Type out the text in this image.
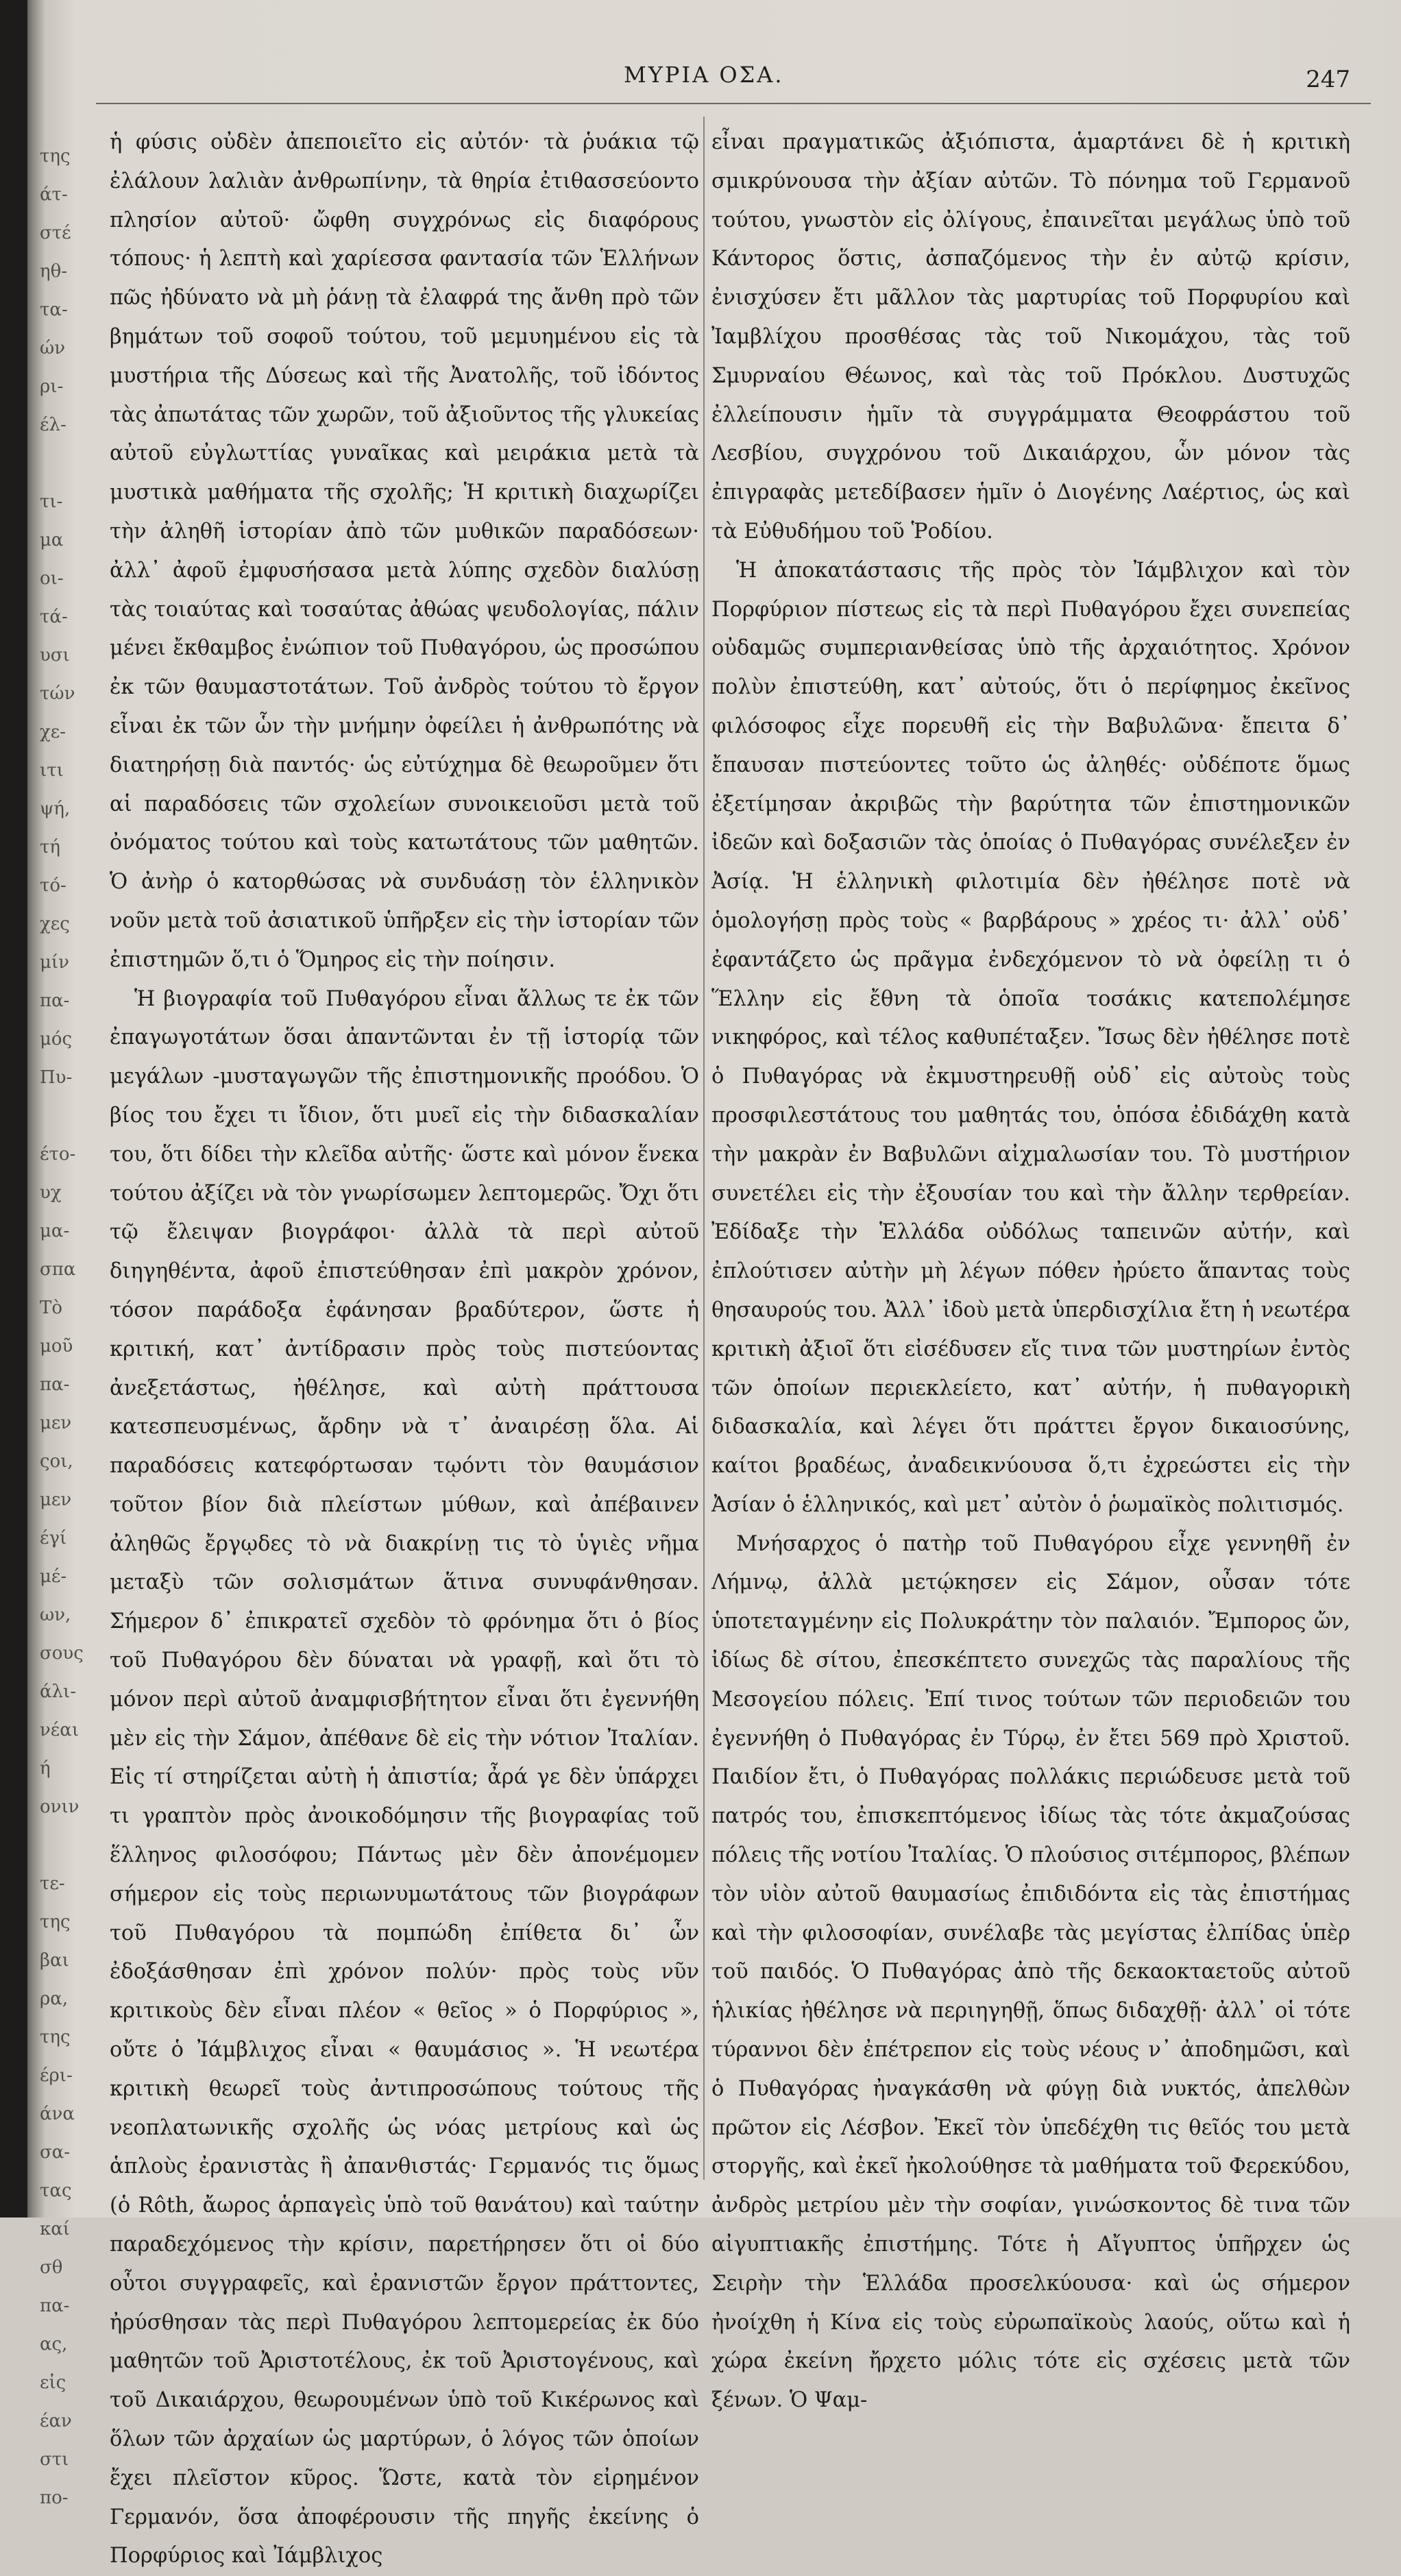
της
άτ-
στέ
ηθ-
τα-
ών
ρι-
έλ-

τι-
μα
οι-
τά-
υσι
τών
χε-
ιτι
ψή,
τή
τό-
χες
μίν
πα-
μός
Πυ-

έτο-
υχ
μα-
σπα
Τὸ
μοῦ
πα-
μεν
ςοι,
μεν
έγί
μέ-
ων,
σους
άλι-
νέαι
ή
ονιν

τε-
της
βαι
ρα,
της
έρι-
άνα
σα-
τας
καί
σθ
πα-
ας,
εἰς
έαν
στι
πο-
ΜΥΡΙΑ ΟΣΑ.	247

ἡ φύσις οὐδὲν ἀπεποιεῖτο εἰς αὐτόν· τὰ ῥυάκια τῷ ἐλάλουν λαλιὰν ἀνθρωπίνην, τὰ θηρία ἐτιθασσεύοντο πλησίον αὐτοῦ· ὤφθη συγχρόνως εἰς διαφόρους τόπους· ἡ λεπτὴ καὶ χαρίεσσα φαντασία τῶν Ἑλλήνων πῶς ἠδύνατο νὰ μὴ ῥάνῃ τὰ ἐλαφρά της ἄνθη πρὸ τῶν βημάτων τοῦ σοφοῦ τούτου, τοῦ μεμυημένου εἰς τὰ μυστήρια τῆς Δύσεως καὶ τῆς Ἀνατολῆς, τοῦ ἰδόντος τὰς ἀπωτάτας τῶν χωρῶν, τοῦ ἀξιοῦντος τῆς γλυκείας αὐτοῦ εὐγλωττίας γυναῖκας καὶ μειράκια μετὰ τὰ μυστικὰ μαθήματα τῆς σχολῆς; Ἡ κριτικὴ διαχωρίζει τὴν ἀληθῆ ἱστορίαν ἀπὸ τῶν μυθικῶν παραδόσεων· ἀλλ᾽ ἀφοῦ ἐμφυσήσασα μετὰ λύπης σχεδὸν διαλύσῃ τὰς τοιαύτας καὶ τοσαύτας ἀθώας ψευδολογίας, πάλιν μένει ἔκθαμβος ἐνώπιον τοῦ Πυθαγόρου, ὡς προσώπου ἐκ τῶν θαυμαστοτάτων. Τοῦ ἀνδρὸς τούτου τὸ ἔργον εἶναι ἐκ τῶν ὧν τὴν μνήμην ὀφείλει ἡ ἀνθρωπότης νὰ διατηρήσῃ διὰ παντός· ὡς εὐτύχημα δὲ θεωροῦμεν ὅτι αἱ παραδόσεις τῶν σχολείων συνοικειοῦσι μετὰ τοῦ ὀνόματος τούτου καὶ τοὺς κατωτάτους τῶν μαθητῶν. Ὁ ἀνὴρ ὁ κατορθώσας νὰ συνδυάσῃ τὸν ἑλληνικὸν νοῦν μετὰ τοῦ ἀσιατικοῦ ὑπῆρξεν εἰς τὴν ἱστορίαν τῶν ἐπιστημῶν ὅ,τι ὁ Ὅμηρος εἰς τὴν ποίησιν.

Ἡ βιογραφία τοῦ Πυθαγόρου εἶναι ἄλλως τε ἐκ τῶν ἐπαγωγοτάτων ὅσαι ἀπαντῶνται ἐν τῇ ἱστορίᾳ τῶν μεγάλων -μυσταγωγῶν τῆς ἐπιστημονικῆς προόδου. Ὁ βίος του ἔχει τι ἴδιον, ὅτι μυεῖ εἰς τὴν διδασκαλίαν του, ὅτι δίδει τὴν κλεῖδα αὐτῆς· ὥστε καὶ μόνον ἕνεκα τούτου ἀξίζει νὰ τὸν γνωρίσωμεν λεπτομερῶς. Ὄχι ὅτι τῷ ἔλειψαν βιογράφοι· ἀλλὰ τὰ περὶ αὐτοῦ διηγηθέντα, ἀφοῦ ἐπιστεύθησαν ἐπὶ μακρὸν χρόνον, τόσον παράδοξα ἐφάνησαν βραδύτερον, ὥστε ἡ κριτική, κατ᾽ ἀντίδρασιν πρὸς τοὺς πιστεύοντας ἀνεξετάστως, ἠθέλησε, καὶ αὐτὴ πράττουσα κατεσπευσμένως, ἄρδην νὰ τ᾽ ἀναιρέσῃ ὅλα. Αἱ παραδόσεις κατεφόρτωσαν τῳόντι τὸν θαυμάσιον τοῦτον βίον διὰ πλείστων μύθων, καὶ ἀπέβαινεν ἀληθῶς ἔργῳδες τὸ νὰ διακρίνῃ τις τὸ ὑγιὲς νῆμα μεταξὺ τῶν σολισμάτων ἅτινα συνυφάνθησαν. Σήμερον δ᾽ ἐπικρατεῖ σχεδὸν τὸ φρόνημα ὅτι ὁ βίος τοῦ Πυθαγόρου δὲν δύναται νὰ γραφῇ, καὶ ὅτι τὸ μόνον περὶ αὐτοῦ ἀναμφισβήτητον εἶναι ὅτι ἐγεννήθη μὲν εἰς τὴν Σάμον, ἀπέθανε δὲ εἰς τὴν νότιον Ἰταλίαν. Εἰς τί στηρίζεται αὐτὴ ἡ ἀπιστία; ἆρά γε δὲν ὑπάρχει τι γραπτὸν πρὸς ἀνοικοδόμησιν τῆς βιογραφίας τοῦ ἕλληνος φιλοσόφου; Πάντως μὲν δὲν ἀπονέμομεν σήμερον εἰς τοὺς περιωνυμωτάτους τῶν βιογράφων τοῦ Πυθαγόρου τὰ πομπώδη ἐπίθετα δι᾽ ὧν ἐδοξάσθησαν ἐπὶ χρόνον πολύν· πρὸς τοὺς νῦν κριτικοὺς δὲν εἶναι πλέον « θεῖος » ὁ Πορφύριος », οὔτε ὁ Ἰάμβλιχος εἶναι « θαυμάσιος ». Ἡ νεωτέρα κριτικὴ θεωρεῖ τοὺς ἀντιπροσώπους τούτους τῆς νεοπλατωνικῆς σχολῆς ὡς νόας μετρίους καὶ ὡς ἁπλοὺς ἐρανιστὰς ἢ ἀπανθιστάς· Γερμανός τις ὅμως (ὁ Rôth, ἄωρος ἁρπαγεὶς ὑπὸ τοῦ θανάτου) καὶ ταύτην παραδεχόμενος τὴν κρίσιν, παρετήρησεν ὅτι οἱ δύο οὗτοι συγγραφεῖς, καὶ ἐρανιστῶν ἔργον πράττοντες, ἠρύσθησαν τὰς περὶ Πυθαγόρου λεπτομερείας ἐκ δύο μαθητῶν τοῦ Ἀριστοτέλους, ἐκ τοῦ Ἀριστογένους, καὶ τοῦ Δικαιάρχου, θεωρουμένων ὑπὸ τοῦ Κικέρωνος καὶ ὅλων τῶν ἀρχαίων ὡς μαρτύρων, ὁ λόγος τῶν ὁποίων ἔχει πλεῖστον κῦρος. Ὥστε, κατὰ τὸν εἰρημένον Γερμανόν, ὅσα ἀποφέρουσιν τῆς πηγῆς ἐκείνης ὁ Πορφύριος καὶ Ἰάμβλιχος

εἶναι πραγματικῶς ἀξιόπιστα, ἁμαρτάνει δὲ ἡ κριτικὴ σμικρύνουσα τὴν ἀξίαν αὐτῶν. Τὸ πόνημα τοῦ Γερμανοῦ τούτου, γνωστὸν εἰς ὀλίγους, ἐπαινεῖται μεγάλως ὑπὸ τοῦ Κάντορος ὅστις, ἀσπαζόμενος τὴν ἐν αὐτῷ κρίσιν, ἐνισχύσεν ἔτι μᾶλλον τὰς μαρτυρίας τοῦ Πορφυρίου καὶ Ἰαμβλίχου προσθέσας τὰς τοῦ Νικομάχου, τὰς τοῦ Σμυρναίου Θέωνος, καὶ τὰς τοῦ Πρόκλου. Δυστυχῶς ἐλλείπουσιν ἡμῖν τὰ συγγράμματα Θεοφράστου τοῦ Λεσβίου, συγχρόνου τοῦ Δικαιάρχου, ὧν μόνον τὰς ἐπιγραφὰς μετεδίβασεν ἡμῖν ὁ Διογένης Λαέρτιος, ὡς καὶ τὰ Εὐθυδήμου τοῦ Ῥοδίου.

Ἡ ἀποκατάστασις τῆς πρὸς τὸν Ἰάμβλιχον καὶ τὸν Πορφύριον πίστεως εἰς τὰ περὶ Πυθαγόρου ἔχει συνεπείας οὐδαμῶς συμπεριανθείσας ὑπὸ τῆς ἀρχαιότητος. Χρόνον πολὺν ἐπιστεύθη, κατ᾽ αὐτούς, ὅτι ὁ περίφημος ἐκεῖνος φιλόσοφος εἶχε πορευθῆ εἰς τὴν Βαβυλῶνα· ἔπειτα δ᾽ ἔπαυσαν πιστεύοντες τοῦτο ὡς ἀληθές· οὐδέποτε ὅμως ἐξετίμησαν ἀκριβῶς τὴν βαρύτητα τῶν ἐπιστημονικῶν ἰδεῶν καὶ δοξασιῶν τὰς ὁποίας ὁ Πυθαγόρας συνέλεξεν ἐν Ἀσίᾳ. Ἡ ἑλληνικὴ φιλοτιμία δὲν ἠθέλησε ποτὲ νὰ ὁμολογήσῃ πρὸς τοὺς « βαρβάρους » χρέος τι· ἀλλ᾽ οὐδ᾽ ἐφαντάζετο ὡς πρᾶγμα ἐνδεχόμενον τὸ νὰ ὀφείλῃ τι ὁ Ἕλλην εἰς ἔθνη τὰ ὁποῖα τοσάκις κατεπολέμησε νικηφόρος, καὶ τέλος καθυπέταξεν. Ἴσως δὲν ἠθέλησε ποτὲ ὁ Πυθαγόρας νὰ ἐκμυστηρευθῇ οὐδ᾽ εἰς αὐτοὺς τοὺς προσφιλεστάτους του μαθητάς του, ὁπόσα ἐδιδάχθη κατὰ τὴν μακρὰν ἐν Βαβυλῶνι αἰχμαλωσίαν του. Τὸ μυστήριον συνετέλει εἰς τὴν ἐξουσίαν του καὶ τὴν ἄλλην τερθρείαν. Ἐδίδαξε τὴν Ἑλλάδα οὐδόλως ταπεινῶν αὐτήν, καὶ ἐπλούτισεν αὐτὴν μὴ λέγων πόθεν ἠρύετο ἅπαντας τοὺς θησαυρούς του. Ἀλλ᾽ ἰδοὺ μετὰ ὑπερδισχίλια ἔτη ἡ νεωτέρα κριτικὴ ἀξιοῖ ὅτι εἰσέδυσεν εἴς τινα τῶν μυστηρίων ἐντὸς τῶν ὁποίων περιεκλείετο, κατ᾽ αὐτήν, ἡ πυθαγορικὴ διδασκαλία, καὶ λέγει ὅτι πράττει ἔργον δικαιοσύνης, καίτοι βραδέως, ἀναδεικνύουσα ὅ,τι ἐχρεώστει εἰς τὴν Ἀσίαν ὁ ἑλληνικός, καὶ μετ᾽ αὐτὸν ὁ ῥωμαϊκὸς πολιτισμός.

Μνήσαρχος ὁ πατὴρ τοῦ Πυθαγόρου εἶχε γεννηθῆ ἐν Λήμνῳ, ἀλλὰ μετῴκησεν εἰς Σάμον, οὖσαν τότε ὑποτεταγμένην εἰς Πολυκράτην τὸν παλαιόν. Ἔμπορος ὤν, ἰδίως δὲ σίτου, ἐπεσκέπτετο συνεχῶς τὰς παραλίους τῆς Μεσογείου πόλεις. Ἐπί τινος τούτων τῶν περιοδειῶν του ἐγεννήθη ὁ Πυθαγόρας ἐν Τύρῳ, ἐν ἔτει 569 πρὸ Χριστοῦ. Παιδίον ἔτι, ὁ Πυθαγόρας πολλάκις περιώδευσε μετὰ τοῦ πατρός του, ἐπισκεπτόμενος ἰδίως τὰς τότε ἀκμαζούσας πόλεις τῆς νοτίου Ἰταλίας. Ὁ πλούσιος σιτέμπορος, βλέπων τὸν υἱὸν αὐτοῦ θαυμασίως ἐπιδιδόντα εἰς τὰς ἐπιστήμας καὶ τὴν φιλοσοφίαν, συνέλαβε τὰς μεγίστας ἐλπίδας ὑπὲρ τοῦ παιδός. Ὁ Πυθαγόρας ἀπὸ τῆς δεκαοκταετοῦς αὐτοῦ ἡλικίας ἠθέλησε νὰ περιηγηθῇ, ὅπως διδαχθῇ· ἀλλ᾽ οἱ τότε τύραννοι δὲν ἐπέτρεπον εἰς τοὺς νέους ν᾽ ἀποδημῶσι, καὶ ὁ Πυθαγόρας ἠναγκάσθη νὰ φύγῃ διὰ νυκτός, ἀπελθὼν πρῶτον εἰς Λέσβον. Ἐκεῖ τὸν ὑπεδέχθη τις θεῖός του μετὰ στοργῆς, καὶ ἐκεῖ ἠκολούθησε τὰ μαθήματα τοῦ Φερεκύδου, ἀνδρὸς μετρίου μὲν τὴν σοφίαν, γινώσκοντος δὲ τινα τῶν αἰγυπτιακῆς ἐπιστήμης. Τότε ἡ Αἴγυπτος ὑπῆρχεν ὡς Σειρὴν τὴν Ἑλλάδα προσελκύουσα· καὶ ὡς σήμερον ἠνοίχθη ἡ Κίνα εἰς τοὺς εὐρωπαϊκοὺς λαούς, οὕτω καὶ ἡ χώρα ἐκείνη ἤρχετο μόλις τότε εἰς σχέσεις μετὰ τῶν ξένων. Ὁ Ψαμ-
